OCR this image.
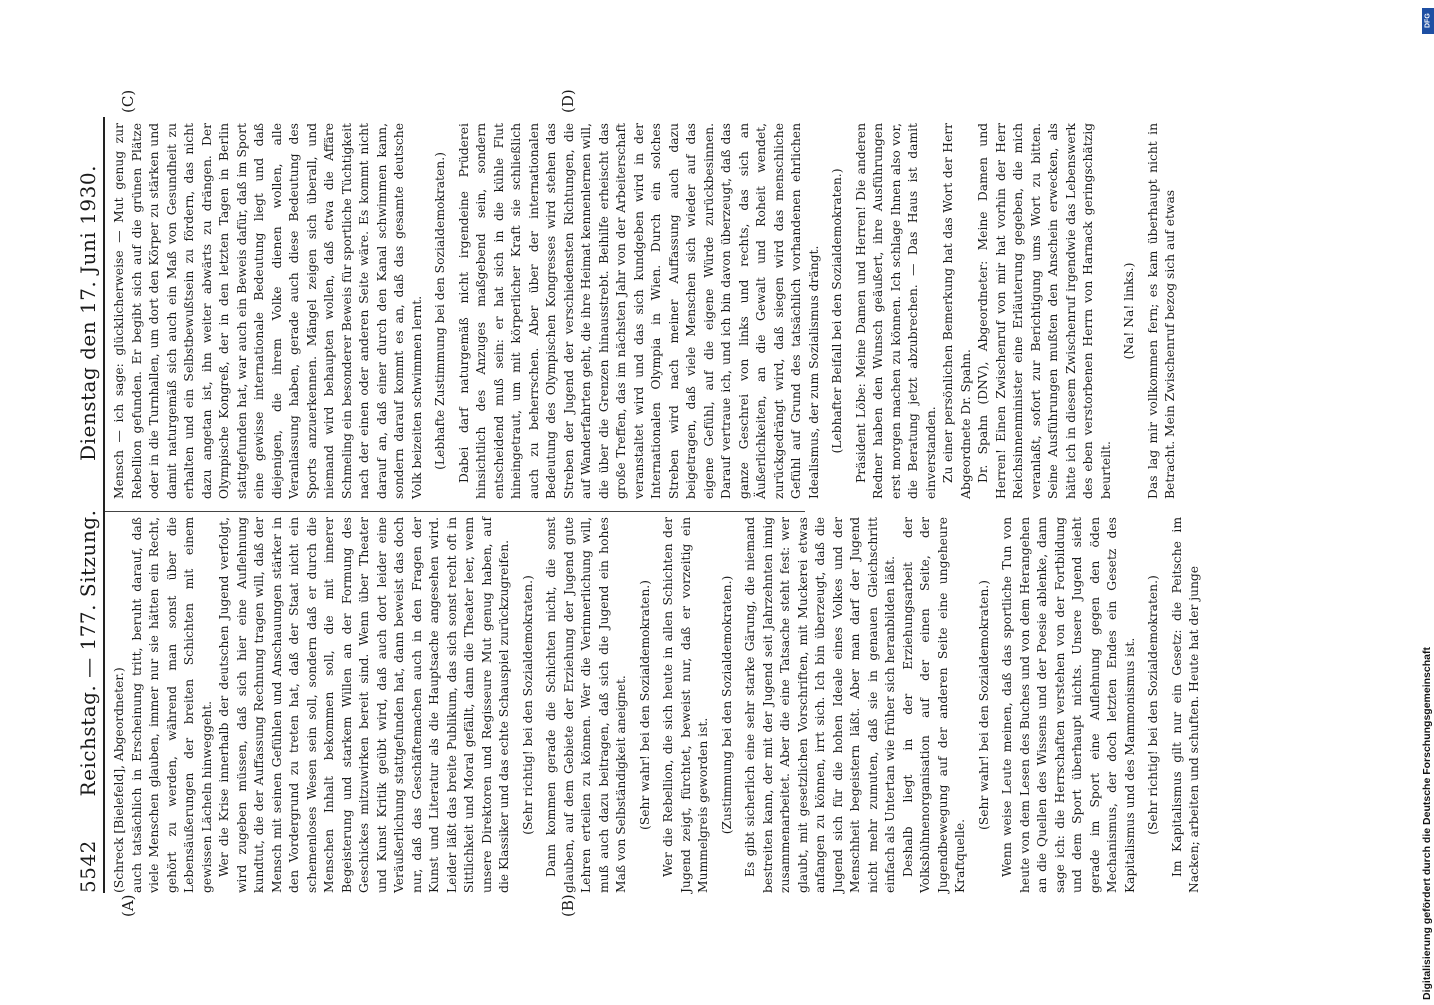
5542
Reichstag. — 177. Sitzung.
Dienstag den 17. Juni 1930.
(A)	(B)
(C)	(D)

(Schreck [Bielefeld], Abgeordneter.) auch tatsächlich in Erscheinung tritt, beruht darauf, daß viele Menschen glauben, immer nur sie hätten ein Recht, gehört zu werden, während man sonst über die Lebensäußerungen der breiten Schichten mit einem gewissen Lächeln hinweggeht. Wer die Krise innerhalb der deutschen Jugend verfolgt, wird zugeben müssen, daß sich hier eine Auflehnung kundtut, die der Auffassung Rechnung tragen will, daß der Mensch mit seinen Gefühlen und Anschauungen stärker in den Vordergrund zu treten hat, daß der Staat nicht ein schemenloses Wesen sein soll, sondern daß er durch die Menschen Inhalt bekommen soll, die mit innerer Begeisterung und starkem Willen an der Formung des Geschickes mitzuwirken bereit sind. Wenn über Theater und Kunst Kritik geübt wird, daß auch dort leider eine Veräußerlichung stattgefunden hat, dann beweist das doch nur, daß das Geschäftemachen auch in den Fragen der Kunst und Literatur als die Hauptsache angesehen wird. Leider läßt das breite Publikum, das sich sonst recht oft in Sittlichkeit und Moral gefällt, dann die Theater leer, wenn unsere Direktoren und Regisseure Mut genug haben, auf die Klassiker und das echte Schauspiel zurückzugreifen. (Sehr richtig! bei den Sozialdemokraten.) Dann kommen gerade die Schichten nicht, die sonst glauben, auf dem Gebiete der Erziehung der Jugend gute Lehren erteilen zu können. Wer die Verinnerlichung will, muß auch dazu beitragen, daß sich die Jugend ein hohes Maß von Selbständigkeit aneignet. (Sehr wahr! bei den Sozialdemokraten.) Wer die Rebellion, die sich heute in allen Schichten der Jugend zeigt, fürchtet, beweist nur, daß er vorzeitig ein Mummelgreis geworden ist. (Zustimmung bei den Sozialdemokraten.) Es gibt sicherlich eine sehr starke Gärung, die niemand bestreiten kann, der mit der Jugend seit Jahrzehnten innig zusammenarbeitet. Aber die eine Tatsache steht fest: wer glaubt, mit gesetzlichen Vorschriften, mit Muckerei etwas anfangen zu können, irrt sich. Ich bin überzeugt, daß die Jugend sich für die hohen Ideale eines Volkes und der Menschheit begeistern läßt. Aber man darf der Jugend nicht mehr zumuten, daß sie in genauen Gleichschritt einfach als Untertan wie früher sich heranbilden läßt. Deshalb liegt in der Erziehungsarbeit der Volksbühnenorganisation auf der einen Seite, der Jugendbewegung auf der anderen Seite eine ungeheure Kraftquelle.

(Sehr wahr! bei den Sozialdemokraten.) Wenn weise Leute meinen, daß das sportliche Tun von heute von dem Lesen des Buches und von dem Herangehen an die Quellen des Wissens und der Poesie ablenke, dann sage ich: die Herrschaften verstehen von der Fortbildung und dem Sport überhaupt nichts. Unsere Jugend sieht gerade im Sport eine Auflehnung gegen den öden Mechanismus, der doch letzten Endes ein Gesetz des Kapitalismus und des Mammonismus ist. (Sehr richtig! bei den Sozialdemokraten.) Im Kapitalismus gilt nur ein Gesetz: die Peitsche im Nacken; arbeiten und schuften. Heute hat der junge

Mensch — ich sage: glücklicherweise — Mut genug zur Rebellion gefunden. Er begibt sich auf die grünen Plätze oder in die Turnhallen, um dort den Körper zu stärken und damit naturgemäß sich auch ein Maß von Gesundheit zu erhalten und ein Selbstbewußtsein zu fördern, das nicht dazu angetan ist, ihn weiter abwärts zu drängen. Der Olympische Kongreß, der in den letzten Tagen in Berlin stattgefunden hat, war auch ein Beweis dafür, daß im Sport eine gewisse internationale Bedeutung liegt und daß diejenigen, die ihrem Volke dienen wollen, alle Veranlassung haben, gerade auch diese Bedeutung des Sports anzuerkennen. Mängel zeigen sich überall, und niemand wird behaupten wollen, daß etwa die Affäre Schmeling ein besonderer Beweis für sportliche Tüchtigkeit nach der einen oder anderen Seite wäre. Es kommt nicht darauf an, daß einer durch den Kanal schwimmen kann, sondern darauf kommt es an, daß das gesamte deutsche Volk beizeiten schwimmen lernt. (Lebhafte Zustimmung bei den Sozialdemokraten.) Dabei darf naturgemäß nicht irgendeine Prüderei hinsichtlich des Anzuges maßgebend sein, sondern entscheidend muß sein: er hat sich in die kühle Flut hineingetraut, um mit körperlicher Kraft sie schließlich auch zu beherrschen. Aber über der internationalen Bedeutung des Olympischen Kongresses wird stehen das Streben der Jugend der verschiedensten Richtungen, die auf Wanderfahrten geht, die ihre Heimat kennenlernen will, die über die Grenzen hinausstrebt. Beihilfe erheischt das große Treffen, das im nächsten Jahr von der Arbeiterschaft veranstaltet wird und das sich kundgeben wird in der Internationalen Olympia in Wien. Durch ein solches Streben wird nach meiner Auffassung auch dazu beigetragen, daß viele Menschen sich wieder auf das eigene Gefühl, auf die eigene Würde zurückbesinnen. Darauf vertraue ich, und ich bin davon überzeugt, daß das ganze Geschrei von links und rechts, das sich an Äußerlichkeiten, an die Gewalt und Roheit wendet, zurückgedrängt wird, daß siegen wird das menschliche Gefühl auf Grund des tatsächlich vorhandenen ehrlichen Idealismus, der zum Sozialismus drängt. (Lebhafter Beifall bei den Sozialdemokraten.) Präsident Löbe: Meine Damen und Herren! Die anderen Redner haben den Wunsch geäußert, ihre Ausführungen erst morgen machen zu können. Ich schlage Ihnen also vor, die Beratung jetzt abzubrechen. — Das Haus ist damit einverstanden. Zu einer persönlichen Bemerkung hat das Wort der Herr Abgeordnete Dr. Spahn. Dr. Spahn (DNV), Abgeordneter: Meine Damen und Herren! Einen Zwischenruf von mir hat vorhin der Herr Reichsinnenminister eine Erläuterung gegeben, die mich veranlaßt, sofort zur Berichtigung ums Wort zu bitten. Seine Ausführungen mußten den Anschein erwecken, als hätte ich in diesem Zwischenruf irgendwie das Lebenswerk des eben verstorbenen Herrn von Harnack geringschätzig beurteilt.

(Na! Na! links.) Das lag mir vollkommen fern; es kam überhaupt nicht in Betracht. Mein Zwischenruf bezog sich auf etwas

Digitalisierung gefördert durch die Deutsche Forschungsgemeinschaft
DFG
